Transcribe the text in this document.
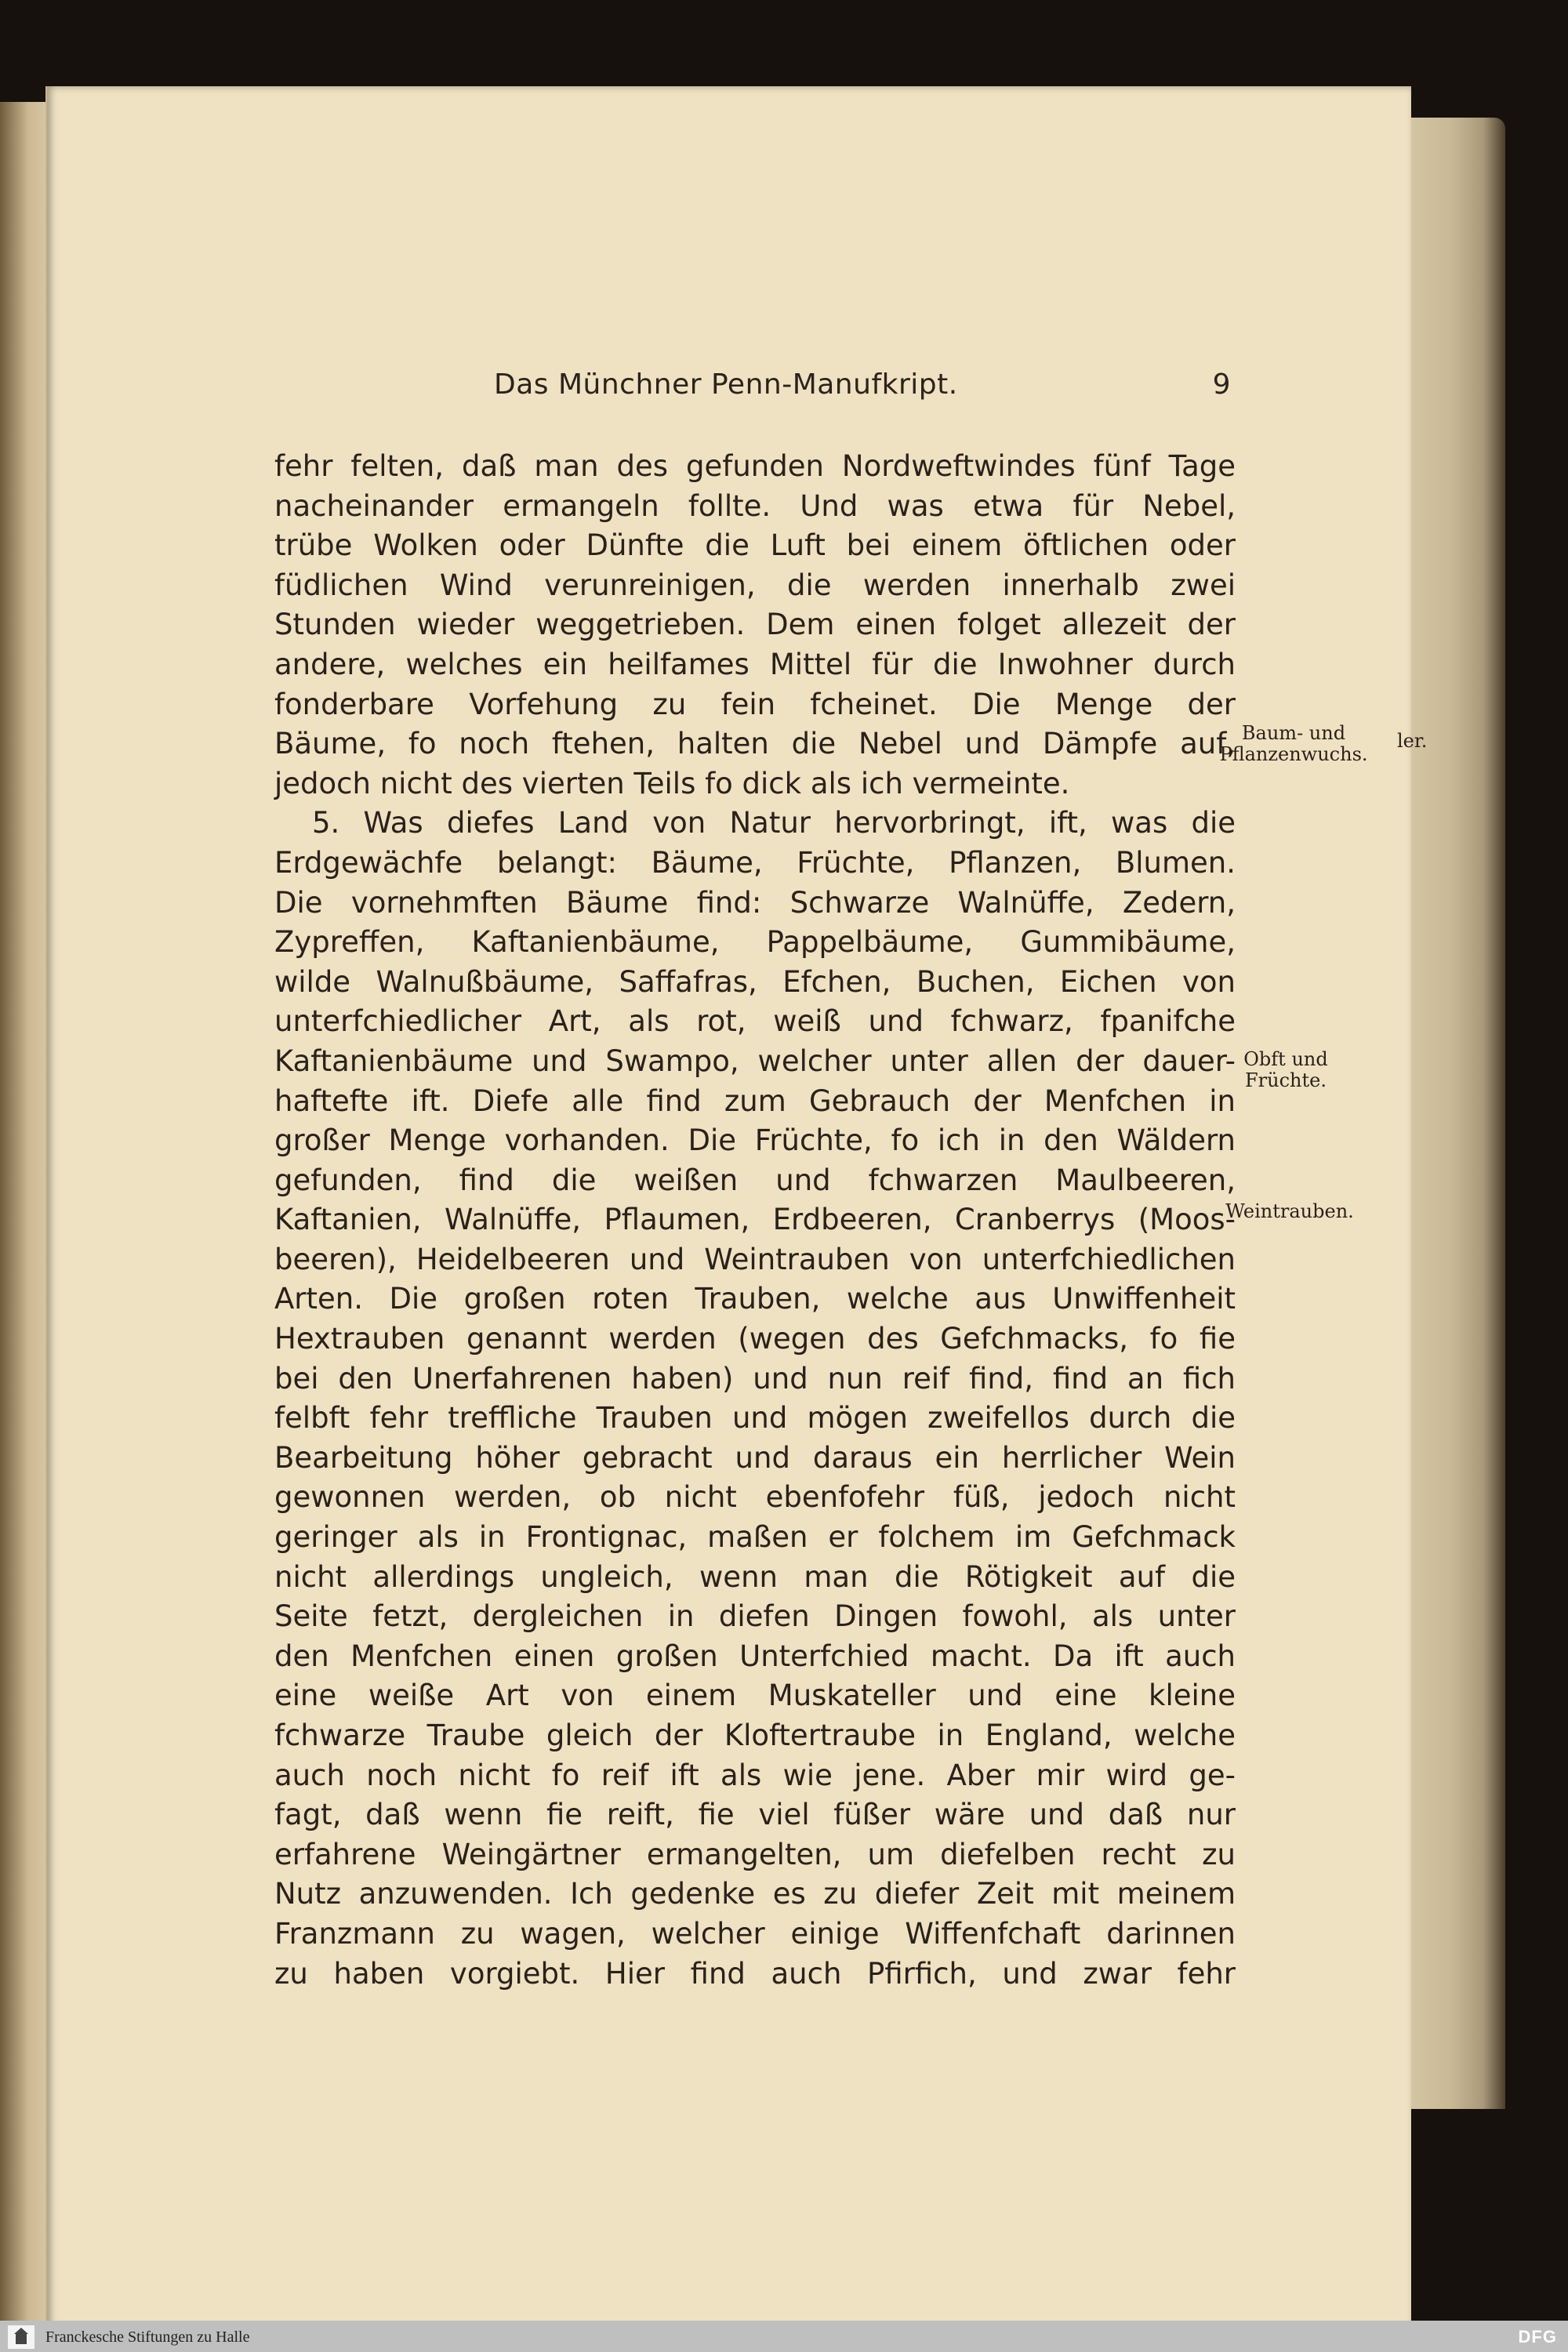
Das Münchner Penn-Manufkript.	9
fehr felten, daß man des gefunden Nordweftwindes fünf Tage
nacheinander ermangeln follte. Und was etwa für Nebel,
trübe Wolken oder Dünfte die Luft bei einem öftlichen oder
füdlichen Wind verunreinigen, die werden innerhalb zwei
Stunden wieder weggetrieben. Dem einen folget allezeit der
andere, welches ein heilfames Mittel für die Inwohner durch
fonderbare Vorfehung zu fein fcheinet. Die Menge der
Bäume, fo noch ftehen, halten die Nebel und Dämpfe auf,
jedoch nicht des vierten Teils fo dick als ich vermeinte.
5. Was diefes Land von Natur hervorbringt, ift, was die
Erdgewächfe belangt: Bäume, Früchte, Pflanzen, Blumen.
Die vornehmften Bäume find: Schwarze Walnüffe, Zedern,
Zypreffen, Kaftanienbäume, Pappelbäume, Gummibäume,
wilde Walnußbäume, Saffafras, Efchen, Buchen, Eichen von
unterfchiedlicher Art, als rot, weiß und fchwarz, fpanifche
Kaftanienbäume und Swampo, welcher unter allen der dauer-
haftefte ift. Diefe alle find zum Gebrauch der Menfchen in
großer Menge vorhanden. Die Früchte, fo ich in den Wäldern
gefunden, find die weißen und fchwarzen Maulbeeren,
Kaftanien, Walnüffe, Pflaumen, Erdbeeren, Cranberrys (Moos-
beeren), Heidelbeeren und Weintrauben von unterfchiedlichen
Arten. Die großen roten Trauben, welche aus Unwiffenheit
Hextrauben genannt werden (wegen des Gefchmacks, fo fie
bei den Unerfahrenen haben) und nun reif find, find an fich
felbft fehr treffliche Trauben und mögen zweifellos durch die
Bearbeitung höher gebracht und daraus ein herrlicher Wein
gewonnen werden, ob nicht ebenfofehr füß, jedoch nicht
geringer als in Frontignac, maßen er folchem im Gefchmack
nicht allerdings ungleich, wenn man die Rötigkeit auf die
Seite fetzt, dergleichen in diefen Dingen fowohl, als unter
den Menfchen einen großen Unterfchied macht. Da ift auch
eine weiße Art von einem Muskateller und eine kleine
fchwarze Traube gleich der Kloftertraube in England, welche
auch noch nicht fo reif ift als wie jene. Aber mir wird ge-
fagt, daß wenn fie reift, fie viel füßer wäre und daß nur
erfahrene Weingärtner ermangelten, um diefelben recht zu
Nutz anzuwenden. Ich gedenke es zu diefer Zeit mit meinem
Franzmann zu wagen, welcher einige Wiffenfchaft darinnen
zu haben vorgiebt. Hier find auch Pfirfich, und zwar fehr
Baum- und
Pflanzenwuchs.
ler.
Obft und
Früchte.
Weintrauben.
Franckesche Stiftungen zu Halle	DFG
